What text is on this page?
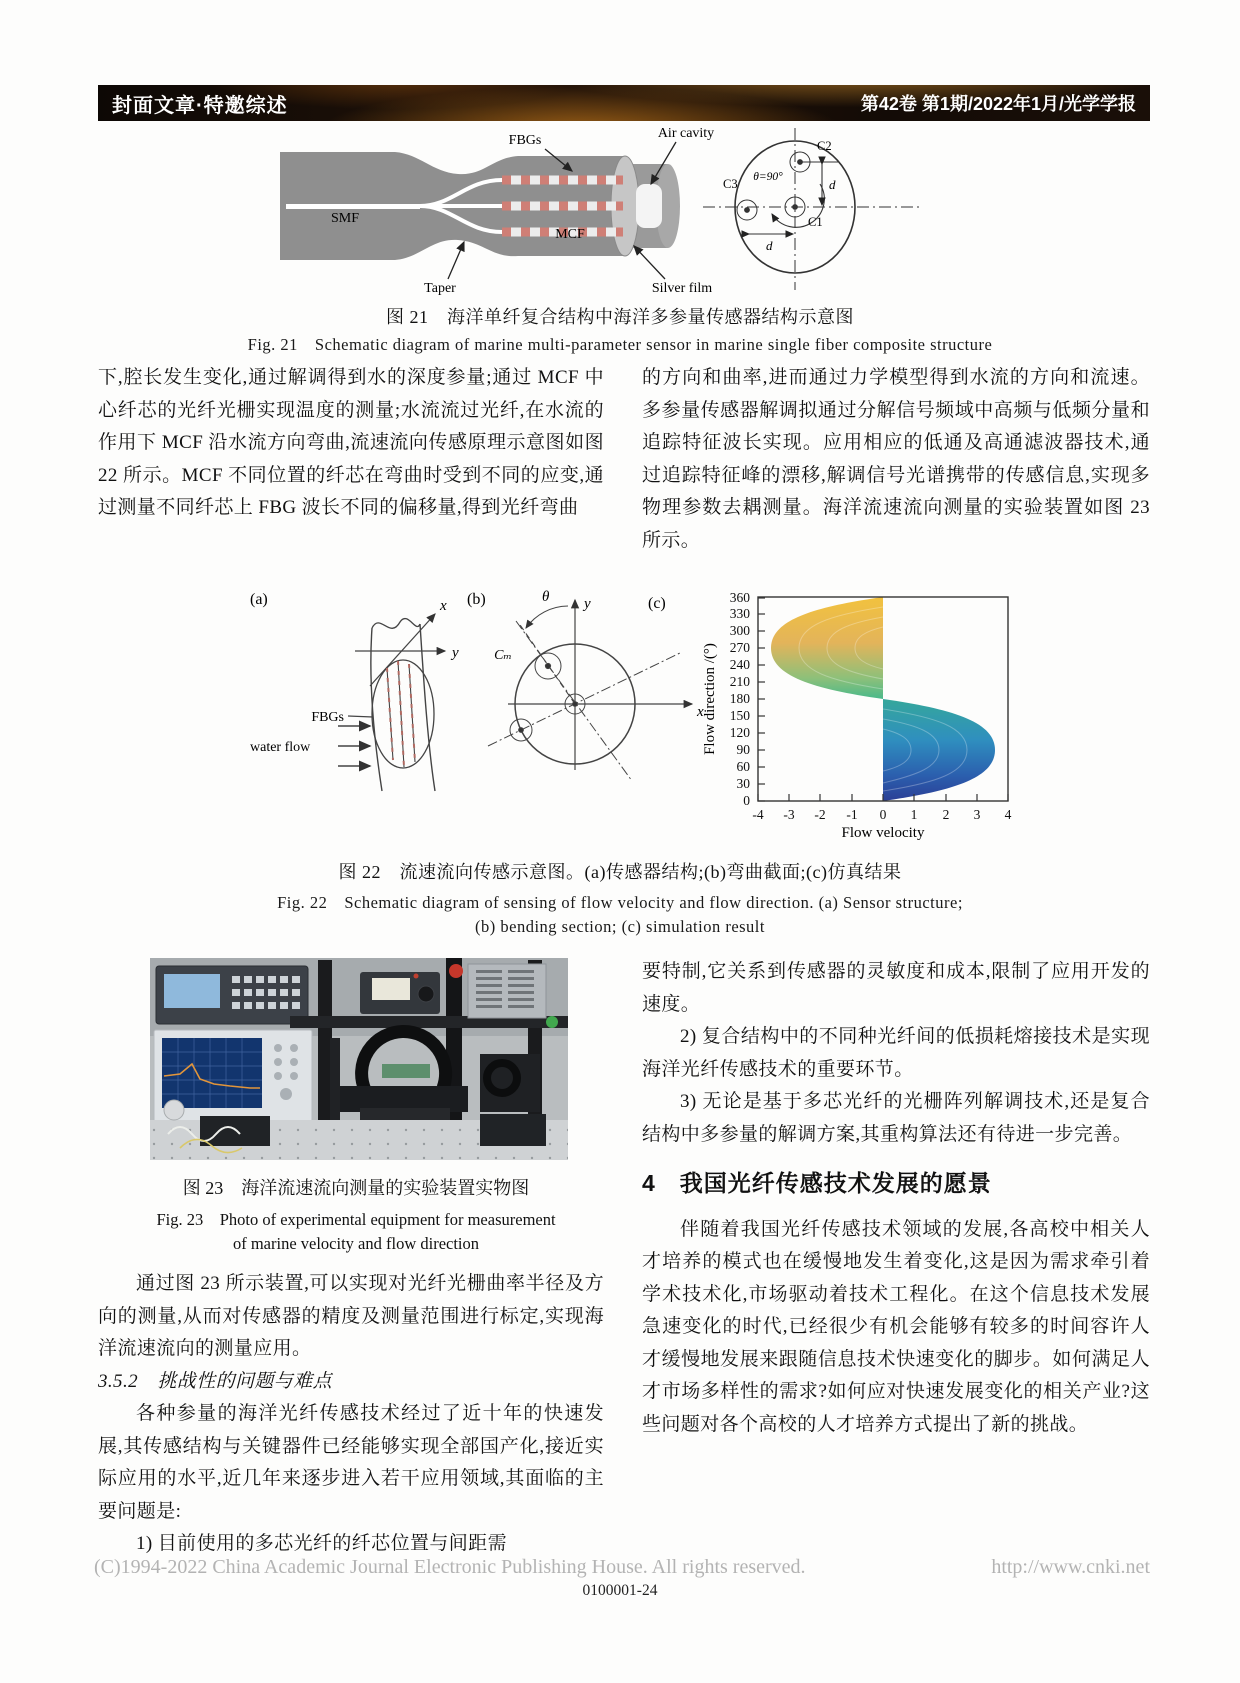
封面文章·特邀综述	第42卷 第1期/2022年1月/光学学报
FBGs	Air cavity
SMF
MCF
Taper	Silver film
C2
C3
C1
θ=90°	d
d
图 21　海洋单纤复合结构中海洋多参量传感器结构示意图
Fig. 21　Schematic diagram of marine multi-parameter sensor in marine single fiber composite structure

下,腔长发生变化,通过解调得到水的深度参量;通过 MCF 中心纤芯的光纤光栅实现温度的测量;水流流过光纤,在水流的作用下 MCF 沿水流方向弯曲,流速流向传感原理示意图如图 22 所示。MCF 不同位置的纤芯在弯曲时受到不同的应变,通过测量不同纤芯上 FBG 波长不同的偏移量,得到光纤弯曲

的方向和曲率,进而通过力学模型得到水流的方向和流速。多参量传感器解调拟通过分解信号频域中高频与低频分量和追踪特征波长实现。应用相应的低通及高通滤波器技术,通过追踪特征峰的漂移,解调信号光谱携带的传感信息,实现多物理参数去耦测量。海洋流速流向测量的实验装置如图 23 所示。

(a)
y
x
FBGs
water flow
(b)	y
x
θ
Cₘ
(c)
0
30
60
90
120
150
180
210
240
270
300
330
360
-4 -3 -2 -1 0 1 2 3 4
Flow direction /(°)
Flow velocity
图 22　流速流向传感示意图。(a)传感器结构;(b)弯曲截面;(c)仿真结果
Fig. 22　Schematic diagram of sensing of flow velocity and flow direction. (a) Sensor structure;
(b) bending section; (c) simulation result
图 23　海洋流速流向测量的实验装置实物图
Fig. 23　Photo of experimental equipment for measurement
of marine velocity and flow direction

通过图 23 所示装置,可以实现对光纤光栅曲率半径及方向的测量,从而对传感器的精度及测量范围进行标定,实现海洋流速流向的测量应用。

3.5.2　挑战性的问题与难点

各种参量的海洋光纤传感技术经过了近十年的快速发展,其传感结构与关键器件已经能够实现全部国产化,接近实际应用的水平,近几年来逐步进入若干应用领域,其面临的主要问题是:

1) 目前使用的多芯光纤的纤芯位置与间距需

要特制,它关系到传感器的灵敏度和成本,限制了应用开发的速度。

2) 复合结构中的不同种光纤间的低损耗熔接技术是实现海洋光纤传感技术的重要环节。

3) 无论是基于多芯光纤的光栅阵列解调技术,还是复合结构中多参量的解调方案,其重构算法还有待进一步完善。

4 我国光纤传感技术发展的愿景

伴随着我国光纤传感技术领域的发展,各高校中相关人才培养的模式也在缓慢地发生着变化,这是因为需求牵引着学术技术化,市场驱动着技术工程化。在这个信息技术发展急速变化的时代,已经很少有机会能够有较多的时间容许人才缓慢地发展来跟随信息技术快速变化的脚步。如何满足人才市场多样性的需求?如何应对快速发展变化的相关产业?这些问题对各个高校的人才培养方式提出了新的挑战。

(C)1994-2022 China Academic Journal Electronic Publishing House. All rights reserved.	http://www.cnki.net
0100001-24
